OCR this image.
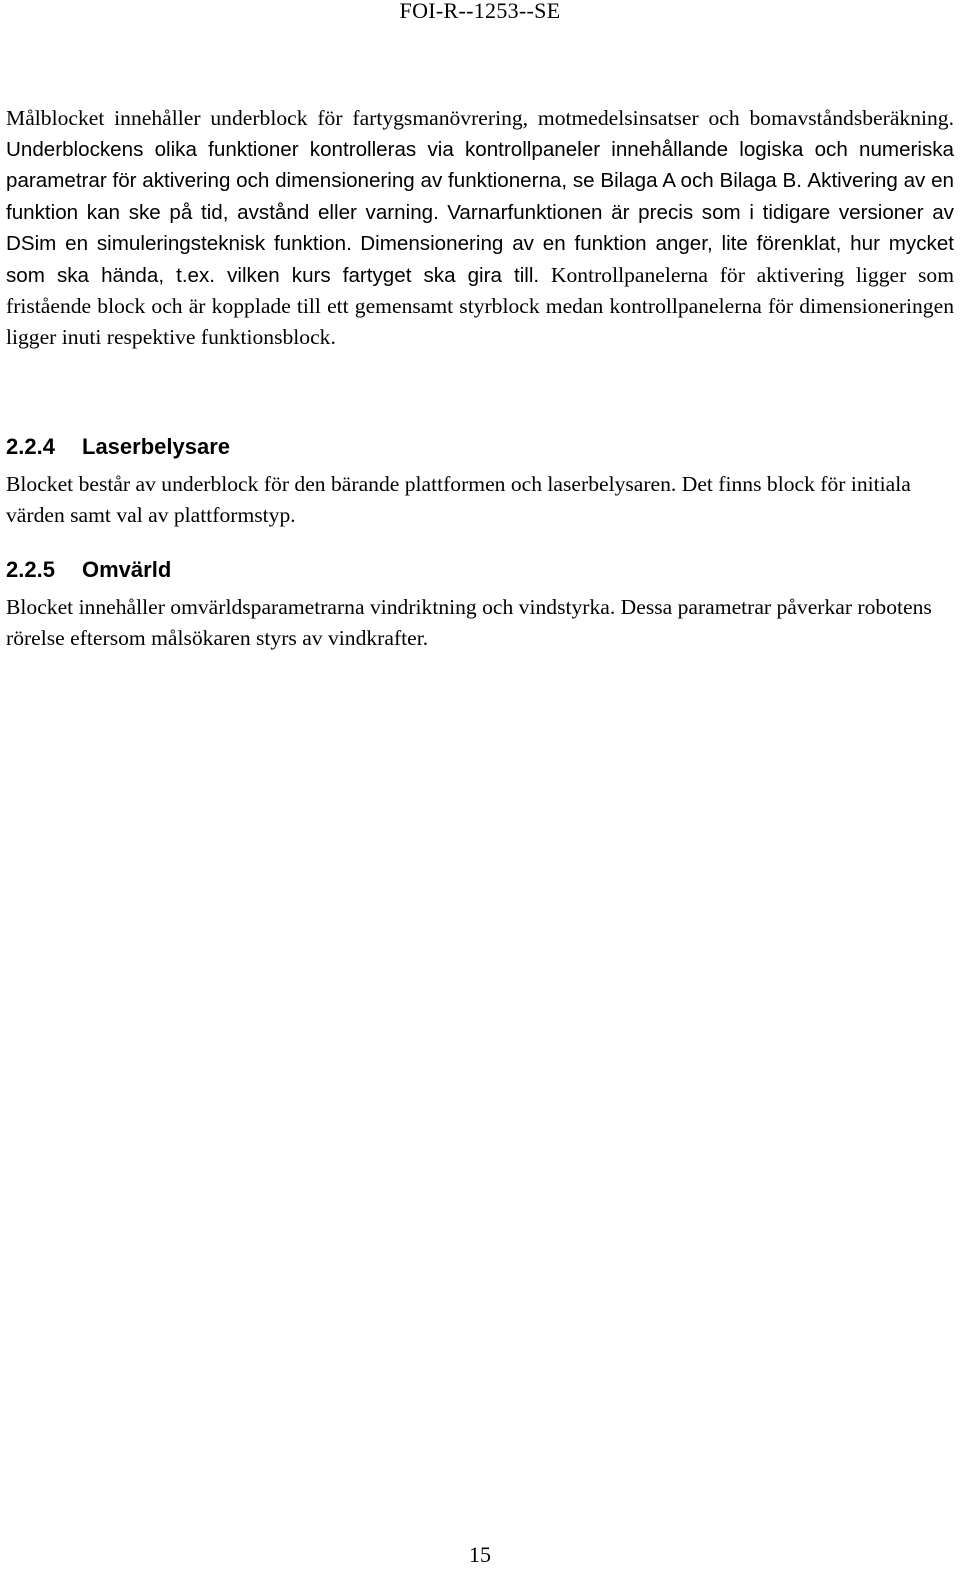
FOI-R--1253--SE

Målblocket innehåller underblock för fartygsmanövrering, motmedelsinsatser och bomavståndsberäkning. Underblockens olika funktioner kontrolleras via kontrollpaneler innehållande logiska och numeriska parametrar för aktivering och dimensionering av funktionerna, se Bilaga A och Bilaga B. Aktivering av en funktion kan ske på tid, avstånd eller varning. Varnarfunktionen är precis som i tidigare versioner av DSim en simuleringsteknisk funktion. Dimensionering av en funktion anger, lite förenklat, hur mycket som ska hända, t.ex. vilken kurs fartyget ska gira till. Kontrollpanelerna för aktivering ligger som fristående block och är kopplade till ett gemensamt styrblock medan kontrollpanelerna för dimensioneringen ligger inuti respektive funktionsblock.

2.2.4 Laserbelysare

Blocket består av underblock för den bärande plattformen och laserbelysaren. Det finns block för initiala värden samt val av plattformstyp.

2.2.5 Omvärld

Blocket innehåller omvärldsparametrarna vindriktning och vindstyrka. Dessa parametrar påverkar robotens rörelse eftersom målsökaren styrs av vindkrafter.

15
